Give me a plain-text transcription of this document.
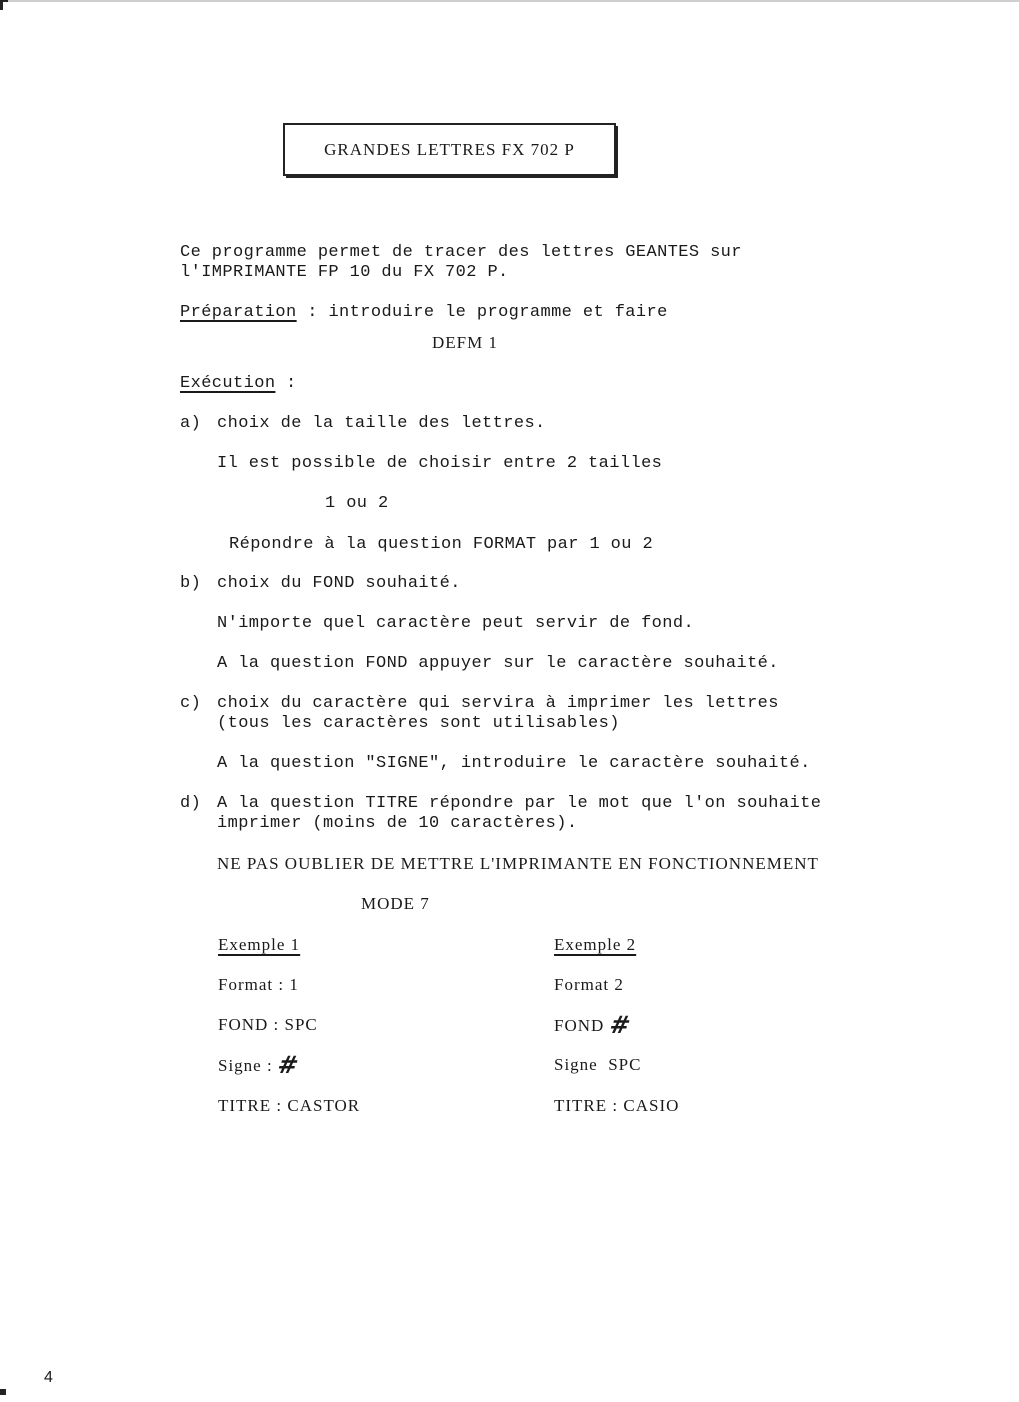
GRANDES LETTRES FX 702 P
Ce programme permet de tracer des lettres GEANTES sur
l'IMPRIMANTE FP 10 du FX 702 P.
Préparation : introduire le programme et faire
DEFM 1
Exécution :
a) choix de la taille des lettres.
Il est possible de choisir entre 2 tailles
1 ou 2
Répondre à la question FORMAT par 1 ou 2
b) choix du FOND souhaité.
N'importe quel caractère peut servir de fond.
A la question FOND appuyer sur le caractère souhaité.
c) choix du caractère qui servira à imprimer les lettres
(tous les caractères sont utilisables)
A la question "SIGNE", introduire le caractère souhaité.
d) A la question TITRE répondre par le mot que l'on souhaite
imprimer (moins de 10 caractères).
NE PAS OUBLIER DE METTRE L'IMPRIMANTE EN FONCTIONNEMENT
MODE 7
Exemple 1
Format : 1
FOND : SPC
Signe : #
TITRE : CASTOR
Exemple 2
Format 2
FOND #
Signe  SPC
TITRE : CASIO
4
